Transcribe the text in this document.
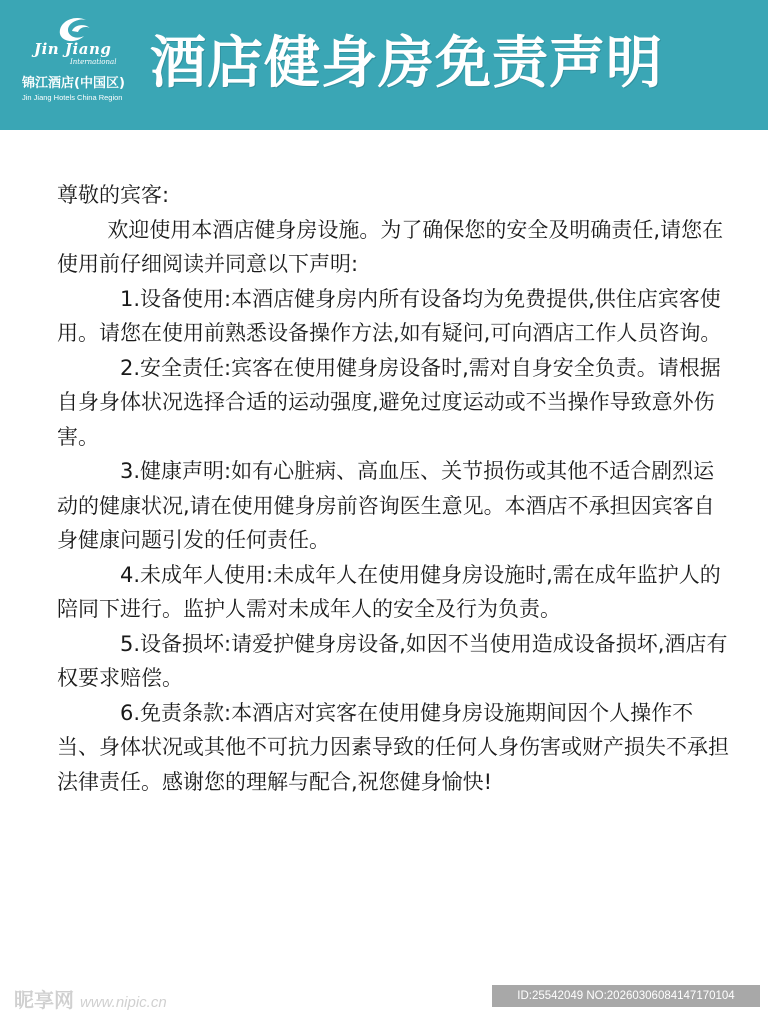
Jin Jiang
International
锦江酒店(中国区)
Jin Jiang Hotels China Region
酒店健身房免责声明

尊敬的宾客:

欢迎使用本酒店健身房设施。为了确保您的安全及明确责任,请您在使用前仔细阅读并同意以下声明:

1.设备使用:本酒店健身房内所有设备均为免费提供,供住店宾客使用。请您在使用前熟悉设备操作方法,如有疑问,可向酒店工作人员咨询。

2.安全责任:宾客在使用健身房设备时,需对自身安全负责。请根据自身身体状况选择合适的运动强度,避免过度运动或不当操作导致意外伤害。

3.健康声明:如有心脏病、高血压、关节损伤或其他不适合剧烈运动的健康状况,请在使用健身房前咨询医生意见。本酒店不承担因宾客自身健康问题引发的任何责任。

4.未成年人使用:未成年人在使用健身房设施时,需在成年监护人的陪同下进行。监护人需对未成年人的安全及行为负责。

5.设备损坏:请爱护健身房设备,如因不当使用造成设备损坏,酒店有权要求赔偿。

6.免责条款:本酒店对宾客在使用健身房设施期间因个人操作不当、身体状况或其他不可抗力因素导致的任何人身伤害或财产损失不承担法律责任。感谢您的理解与配合,祝您健身愉快!

昵享网 www.nipic.cn	ID:25542049 NO:20260306084147170104
